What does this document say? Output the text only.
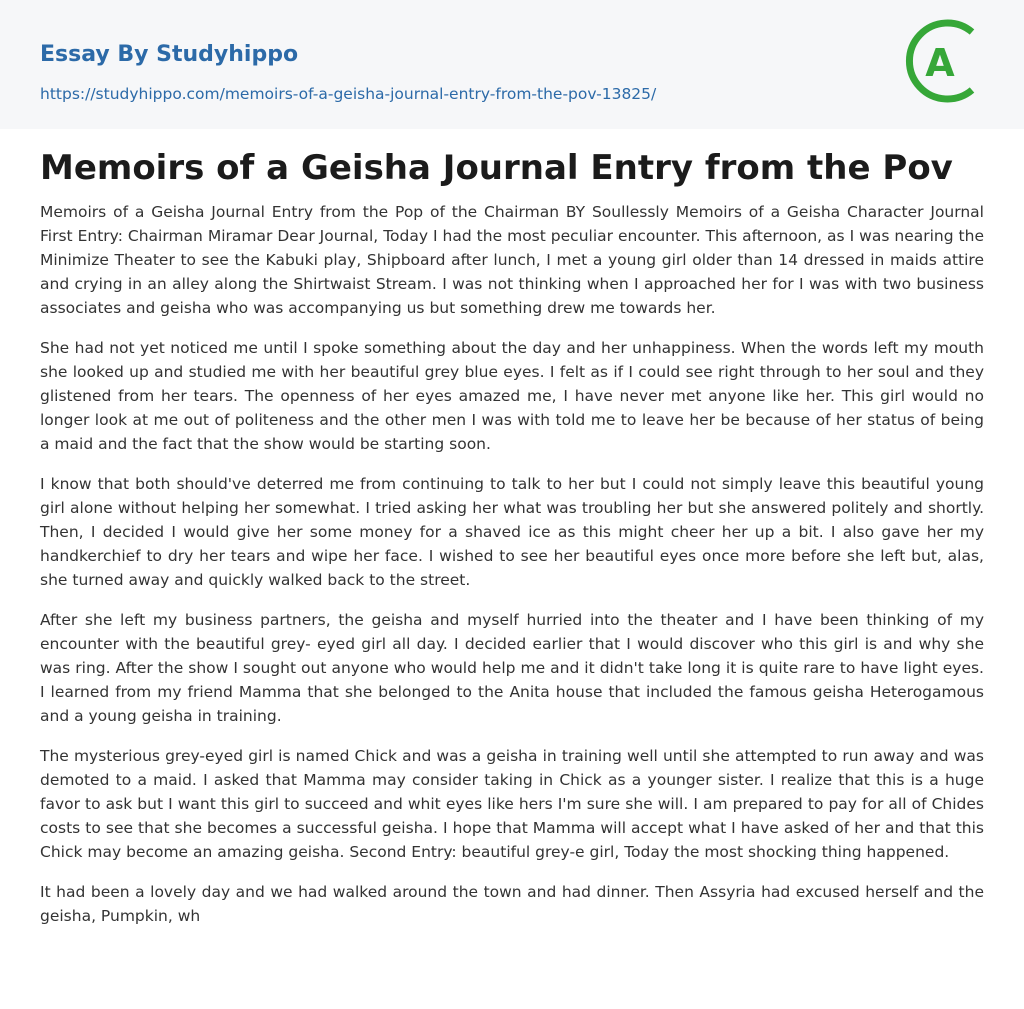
Essay By Studyhippo
https://studyhippo.com/memoirs-of-a-geisha-journal-entry-from-the-pov-13825/
A
Memoirs of a Geisha Journal Entry from the Pov

Memoirs of a Geisha Journal Entry from the Pop of the Chairman BY Soullessly Memoirs of a Geisha Character Journal First Entry: Chairman Miramar Dear Journal, Today I had the most peculiar encounter. This afternoon, as I was nearing the Minimize Theater to see the Kabuki play, Shipboard after lunch, I met a young girl older than 14 dressed in maids attire and crying in an alley along the Shirtwaist Stream. I was not thinking when I approached her for I was with two business associates and geisha who was accompanying us but something drew me towards her.

She had not yet noticed me until I spoke something about the day and her unhappiness. When the words left my mouth she looked up and studied me with her beautiful grey blue eyes. I felt as if I could see right through to her soul and they glistened from her tears. The openness of her eyes amazed me, I have never met anyone like her. This girl would no longer look at me out of politeness and the other men I was with told me to leave her be because of her status of being a maid and the fact that the show would be starting soon.

I know that both should've deterred me from continuing to talk to her but I could not simply leave this beautiful young girl alone without helping her somewhat. I tried asking her what was troubling her but she answered politely and shortly. Then, I decided I would give her some money for a shaved ice as this might cheer her up a bit. I also gave her my handkerchief to dry her tears and wipe her face. I wished to see her beautiful eyes once more before she left but, alas, she turned away and quickly walked back to the street.

After she left my business partners, the geisha and myself hurried into the theater and I have been thinking of my encounter with the beautiful grey- eyed girl all day. I decided earlier that I would discover who this girl is and why she was ring. After the show I sought out anyone who would help me and it didn't take long it is quite rare to have light eyes. I learned from my friend Mamma that she belonged to the Anita house that included the famous geisha Heterogamous and a young geisha in training.

The mysterious grey-eyed girl is named Chick and was a geisha in training well until she attempted to run away and was demoted to a maid. I asked that Mamma may consider taking in Chick as a younger sister. I realize that this is a huge favor to ask but I want this girl to succeed and whit eyes like hers I'm sure she will. I am prepared to pay for all of Chides costs to see that she becomes a successful geisha. I hope that Mamma will accept what I have asked of her and that this Chick may become an amazing geisha. Second Entry: beautiful grey-e girl, Today the most shocking thing happened.

It had been a lovely day and we had walked around the town and had dinner. Then Assyria had excused herself and the geisha, Pumpkin, wh
